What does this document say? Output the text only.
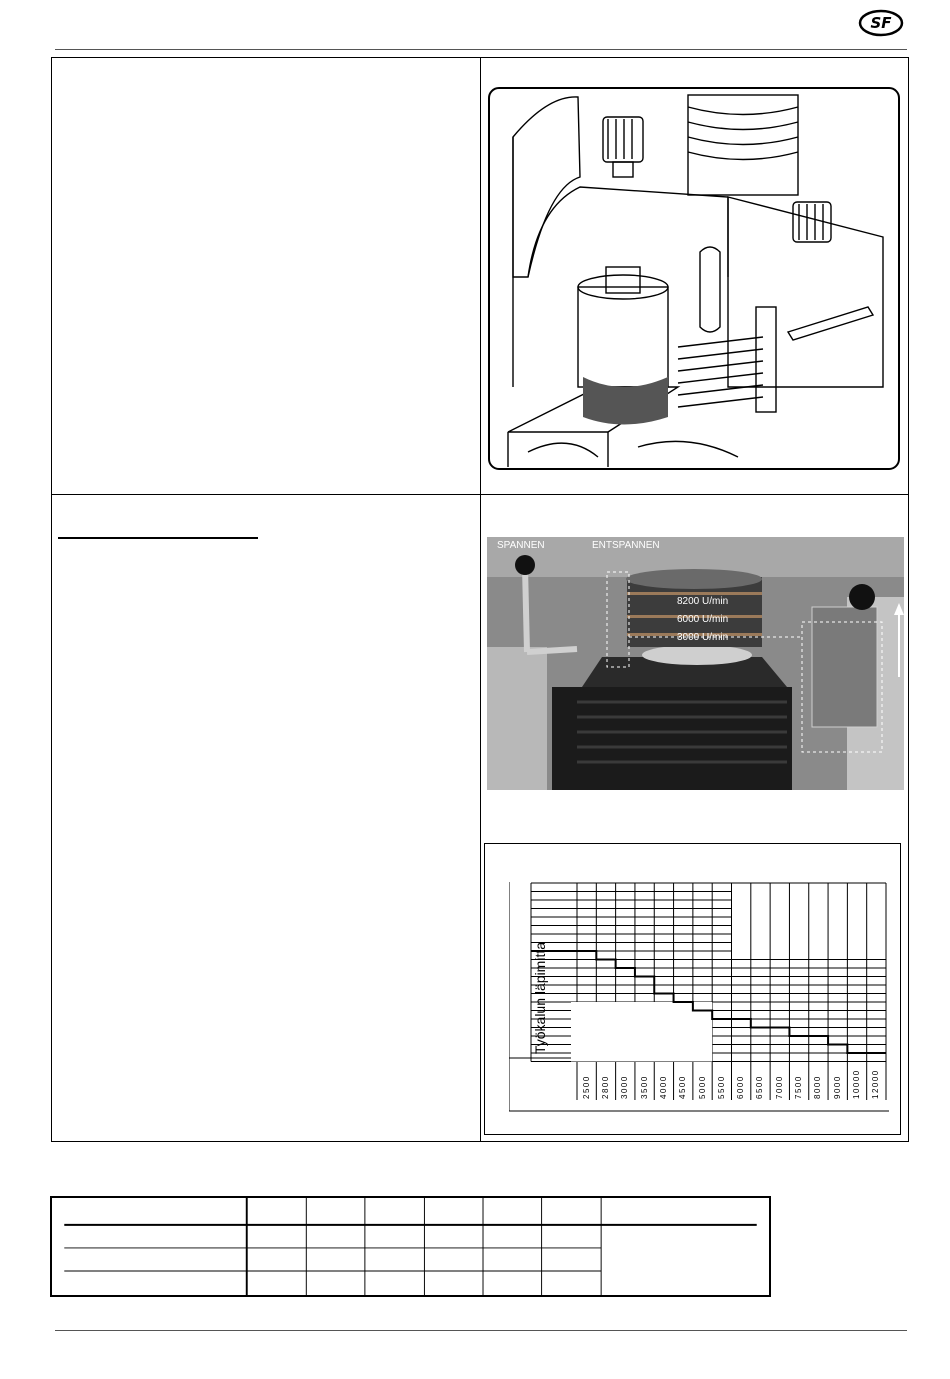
SF
SPANNEN	ENTSPANNEN
8200 U/min
6000 U/min
3000 U/min
Työkalun läpimitta
2500 2800 3000 3500 4000 4500 5000 5500 6000 6500 7000 7500 8000 9000 10000 12000
